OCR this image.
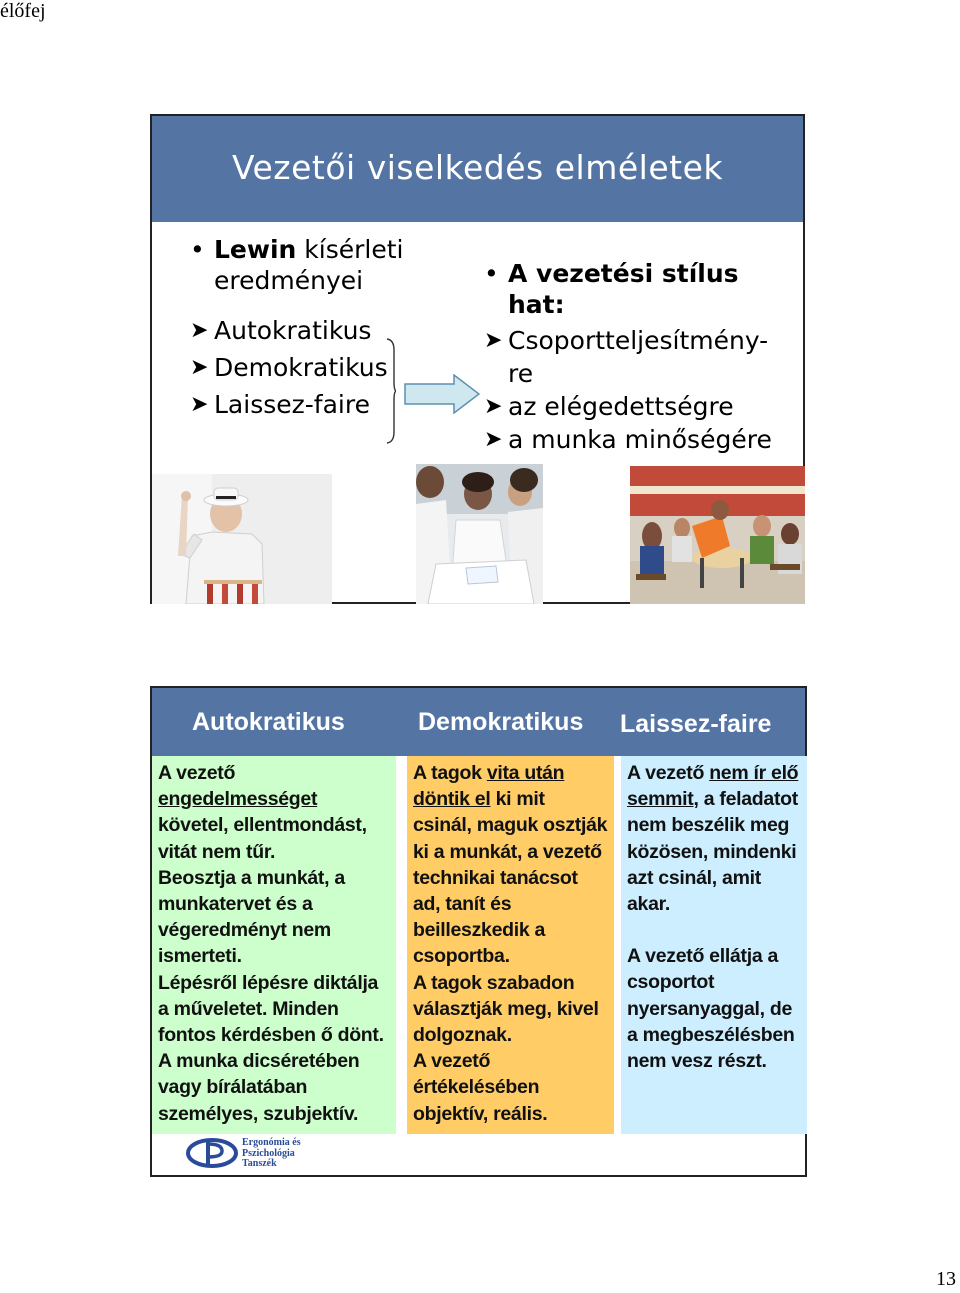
élőfej
Vezetői viselkedés elméletek
• Lewin kísérleti
eredményei
➤ Autokratikus
➤ Demokratikus
➤ Laissez-faire
• A vezetési stílus
hat:
➤ Csoportteljesítmény-
re
➤ az elégedettségre
➤ a munka minőségére
Autokratikus	Demokratikus Laissez-faire

A vezető engedelmességet követel, ellentmondást, vitát nem tűr.

Beosztja a munkát, a munkatervet és a végeredményt nem ismerteti.

Lépésről lépésre diktálja a műveletet. Minden fontos kérdésben ő dönt.

A munka dicséretében vagy bírálatában személyes, szubjektív.

A tagok vita után döntik el ki mit csinál, maguk osztják ki a munkát, a vezető technikai tanácsot ad, tanít és beilleszkedik a csoportba.

A tagok szabadon választják meg, kivel dolgoznak.

A vezető értékelésében objektív, reális.

A vezető nem ír elő semmit, a feladatot nem beszélik meg közösen, mindenki azt csinál, amit akar.

A vezető ellátja a csoportot nyersanyaggal, de a megbeszélésben nem vesz részt.

Ergonómia és
Pszichológia
Tanszék
13
